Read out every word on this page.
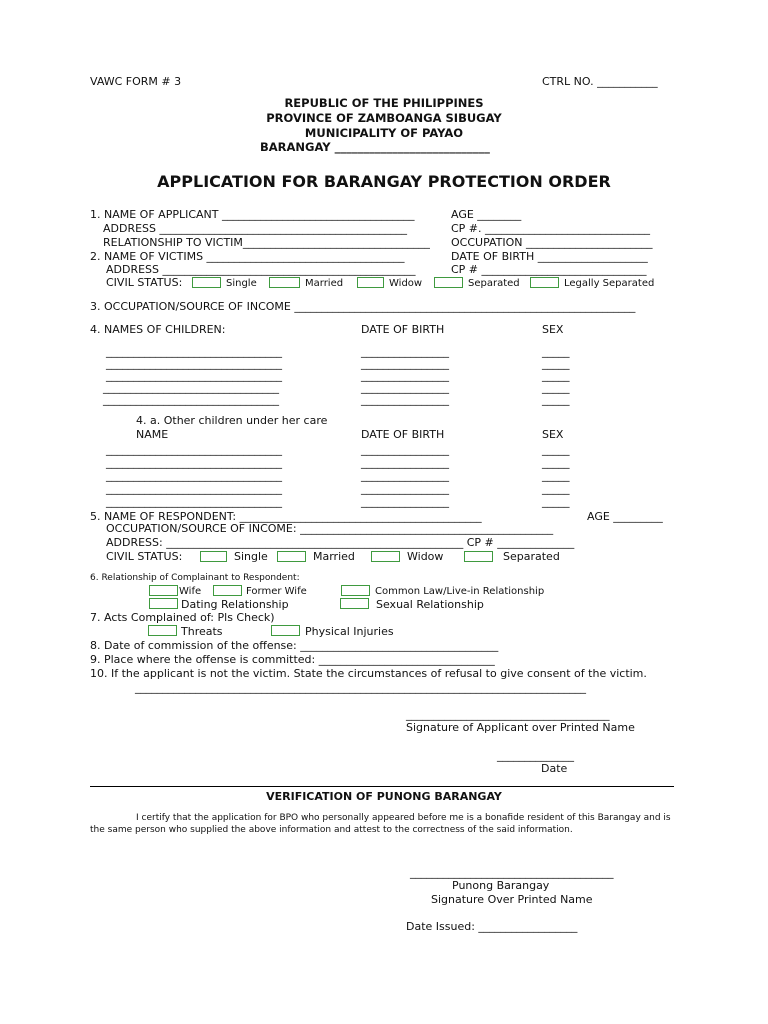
VAWC FORM # 3	CTRL NO. ___________
REPUBLIC OF THE PHILIPPINES
PROVINCE OF ZAMBOANGA SIBUGAY
MUNICIPALITY OF PAYAO
BARANGAY ___________________________
APPLICATION FOR BARANGAY PROTECTION ORDER
1. NAME OF APPLICANT ___________________________________	AGE ________
ADDRESS _____________________________________________	CP #. ______________________________
RELATIONSHIP TO VICTIM__________________________________ OCCUPATION _______________________
2. NAME OF VICTIMS ____________________________________	DATE OF BIRTH ____________________
ADDRESS ______________________________________________	CP # ______________________________
CIVIL STATUS:	Single	Married	Widow	Separated	Legally Separated
3. OCCUPATION/SOURCE OF INCOME ______________________________________________________________
4. NAMES OF CHILDREN:	DATE OF BIRTH	SEX
________________________________	________________	_____
________________________________	________________	_____
________________________________	________________	_____
________________________________	________________	_____
________________________________	________________	_____
4. a. Other children under her care
NAME	DATE OF BIRTH	SEX
________________________________	________________	_____
________________________________	________________	_____
________________________________	________________	_____
________________________________	________________	_____
________________________________	________________	_____
5. NAME OF RESPONDENT: ____________________________________________	AGE _________
OCCUPATION/SOURCE OF INCOME: ______________________________________________
ADDRESS: ______________________________________________________ CP # ______________
CIVIL STATUS:	Single	Married	Widow	Separated
6. Relationship of Complainant to Respondent:
Wife	Former Wife	Common Law/Live-in Relationship
Dating Relationship	Sexual Relationship
7. Acts Complained of: Pls Check)
Threats	Physical Injuries
8. Date of commission of the offense: ____________________________________
9. Place where the offense is committed: ________________________________
10. If the applicant is not the victim. State the circumstances of refusal to give consent of the victim.
__________________________________________________________________________________
_____________________________________
Signature of Applicant over Printed Name
______________
Date
VERIFICATION OF PUNONG BARANGAY
I certify that the application for BPO who personally appeared before me is a bonafide resident of this Barangay and is
the same person who supplied the above information and attest to the correctness of the said information.
_____________________________________
Punong Barangay
Signature Over Printed Name
Date Issued: __________________
